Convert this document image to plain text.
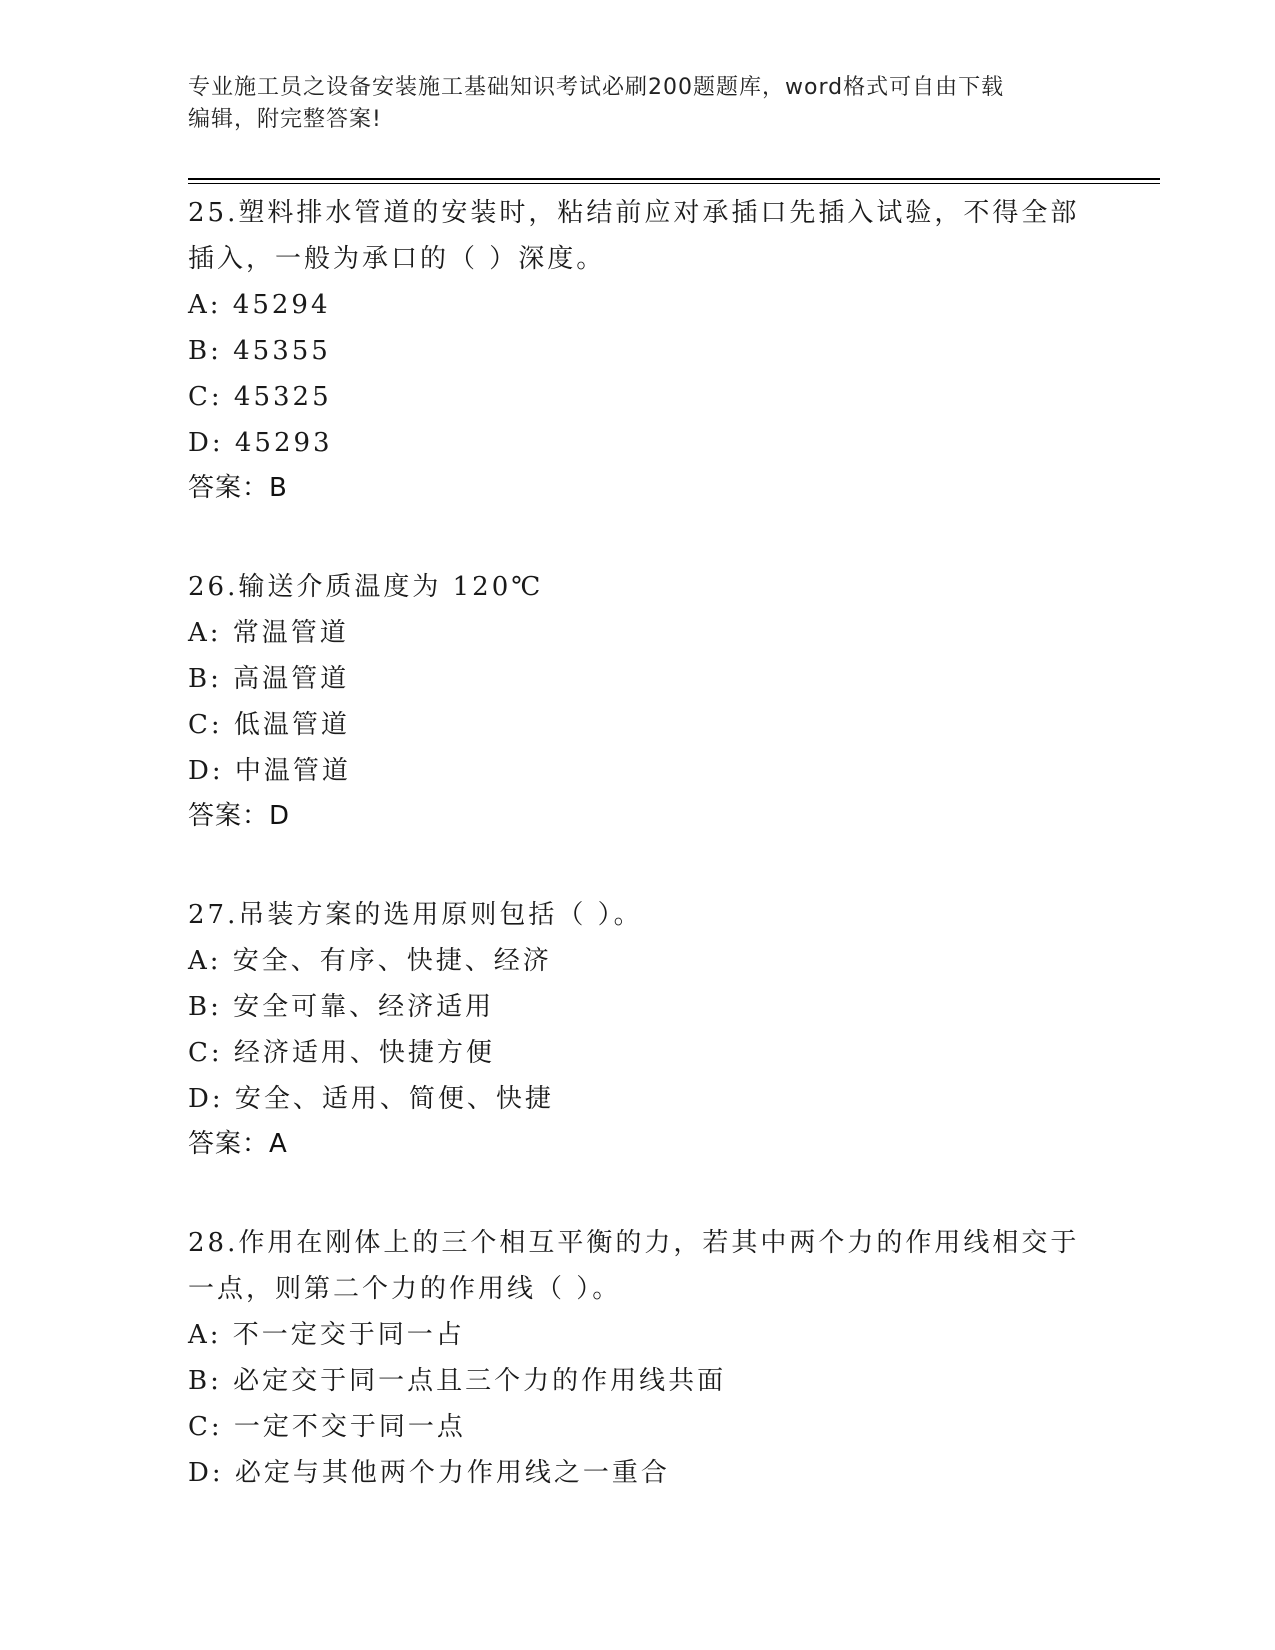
专业施工员之设备安装施工基础知识考试必刷200题题库，word格式可自由下载
编辑，附完整答案!

25.塑料排水管道的安装时，粘结前应对承插口先插入试验，不得全部

插入，一般为承口的（ ）深度。

A: 45294

B: 45355

C: 45325

D: 45293

答案：B

26.输送介质温度为 120℃

A: 常温管道

B: 高温管道

C: 低温管道

D: 中温管道

答案：D

27.吊装方案的选用原则包括（ ）。

A: 安全、有序、快捷、经济

B: 安全可靠、经济适用

C: 经济适用、快捷方便

D: 安全、适用、简便、快捷

答案：A

28.作用在刚体上的三个相互平衡的力，若其中两个力的作用线相交于

一点，则第二个力的作用线（ ）。

A: 不一定交于同一占

B: 必定交于同一点且三个力的作用线共面

C: 一定不交于同一点

D: 必定与其他两个力作用线之一重合
